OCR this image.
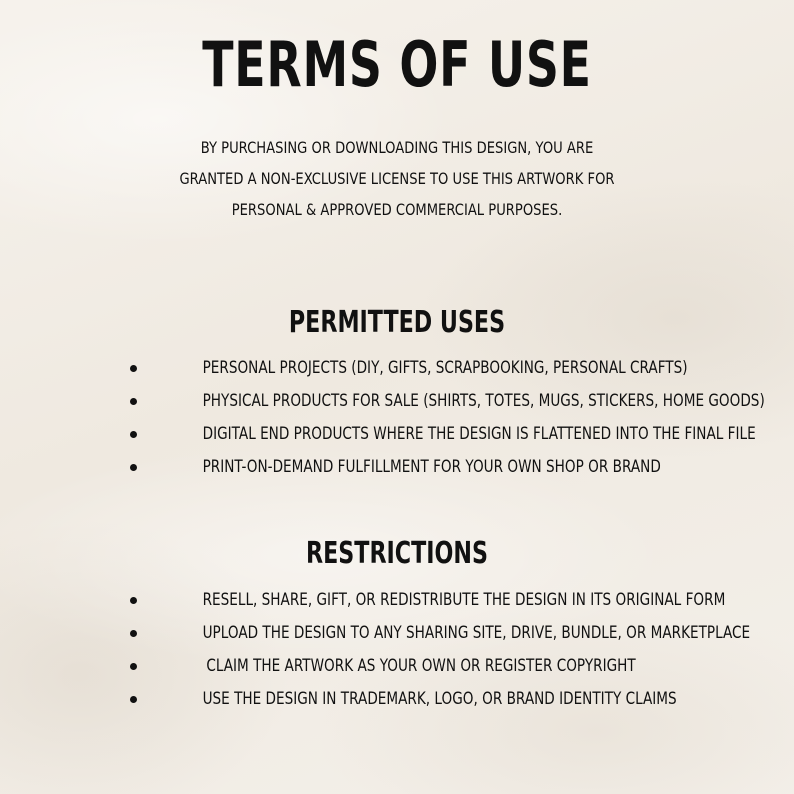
TERMS OF USE
BY PURCHASING OR DOWNLOADING THIS DESIGN, YOU ARE GRANTED A NON-EXCLUSIVE LICENSE TO USE THIS ARTWORK FOR PERSONAL & APPROVED COMMERCIAL PURPOSES.
PERMITTED USES
PERSONAL PROJECTS (DIY, GIFTS, SCRAPBOOKING, PERSONAL CRAFTS)
PHYSICAL PRODUCTS FOR SALE (SHIRTS, TOTES, MUGS, STICKERS, HOME GOODS)
DIGITAL END PRODUCTS WHERE THE DESIGN IS FLATTENED INTO THE FINAL FILE
PRINT-ON-DEMAND FULFILLMENT FOR YOUR OWN SHOP OR BRAND
RESTRICTIONS
RESELL, SHARE, GIFT, OR REDISTRIBUTE THE DESIGN IN ITS ORIGINAL FORM
UPLOAD THE DESIGN TO ANY SHARING SITE, DRIVE, BUNDLE, OR MARKETPLACE
CLAIM THE ARTWORK AS YOUR OWN OR REGISTER COPYRIGHT
USE THE DESIGN IN TRADEMARK, LOGO, OR BRAND IDENTITY CLAIMS
